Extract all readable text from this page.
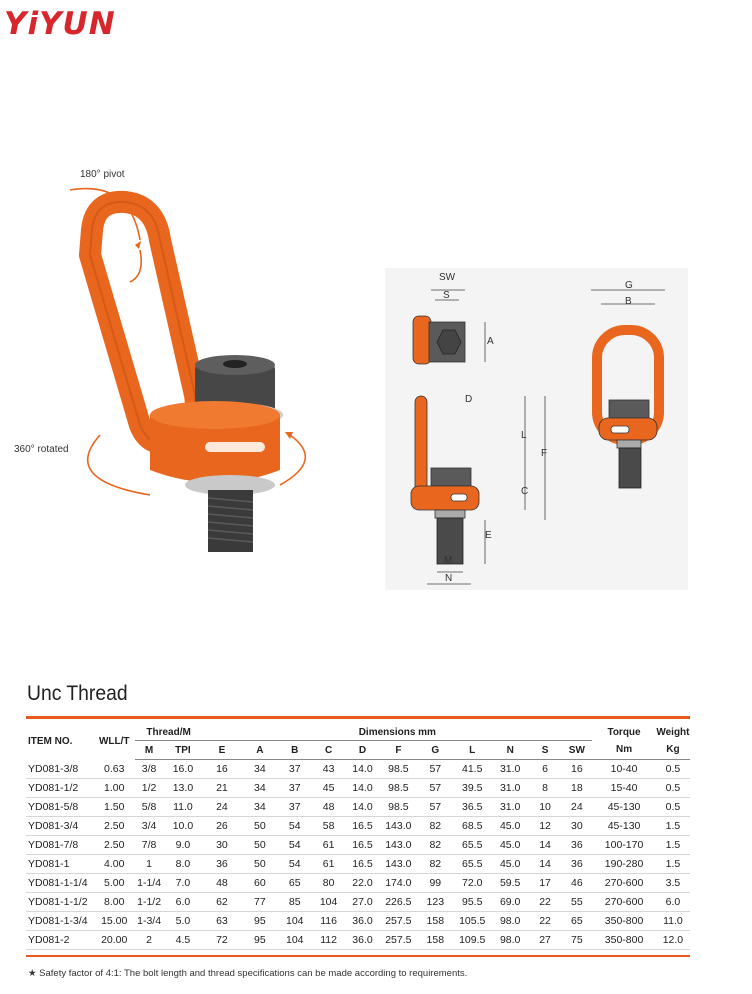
YiYUN
180° pivot
360° rotated
SW
S
A
D
L
F
C
E
M
N
G
B
Unc Thread
ITEM NO.	WLL/T	Thread/M		Dimensions mm											Torque	Weight
		M	TPI	E	A	B	C	D	F	G	L	N	S	SW	Nm	Kg
YD081-3/8	0.63	3/8	16.0	16	34	37	43	14.0	98.5	57	41.5	31.0	6	16	10-40	0.5
YD081-1/2	1.00	1/2	13.0	21	34	37	45	14.0	98.5	57	39.5	31.0	8	18	15-40	0.5
YD081-5/8	1.50	5/8	11.0	24	34	37	48	14.0	98.5	57	36.5	31.0	10	24	45-130	0.5
YD081-3/4	2.50	3/4	10.0	26	50	54	58	16.5	143.0	82	68.5	45.0	12	30	45-130	1.5
YD081-7/8	2.50	7/8	9.0	30	50	54	61	16.5	143.0	82	65.5	45.0	14	36	100-170	1.5
YD081-1	4.00	1	8.0	36	50	54	61	16.5	143.0	82	65.5	45.0	14	36	190-280	1.5
YD081-1-1/4	5.00	1-1/4	7.0	48	60	65	80	22.0	174.0	99	72.0	59.5	17	46	270-600	3.5
YD081-1-1/2	8.00	1-1/2	6.0	62	77	85	104	27.0	226.5	123	95.5	69.0	22	55	270-600	6.0
YD081-1-3/4	15.00	1-3/4	5.0	63	95	104	116	36.0	257.5	158	105.5	98.0	22	65	350-800	11.0
YD081-2	20.00	2	4.5	72	95	104	112	36.0	257.5	158	109.5	98.0	27	75	350-800	12.0
★ Safety factor of 4:1: The bolt length and thread specifications can be made according to requirements.
